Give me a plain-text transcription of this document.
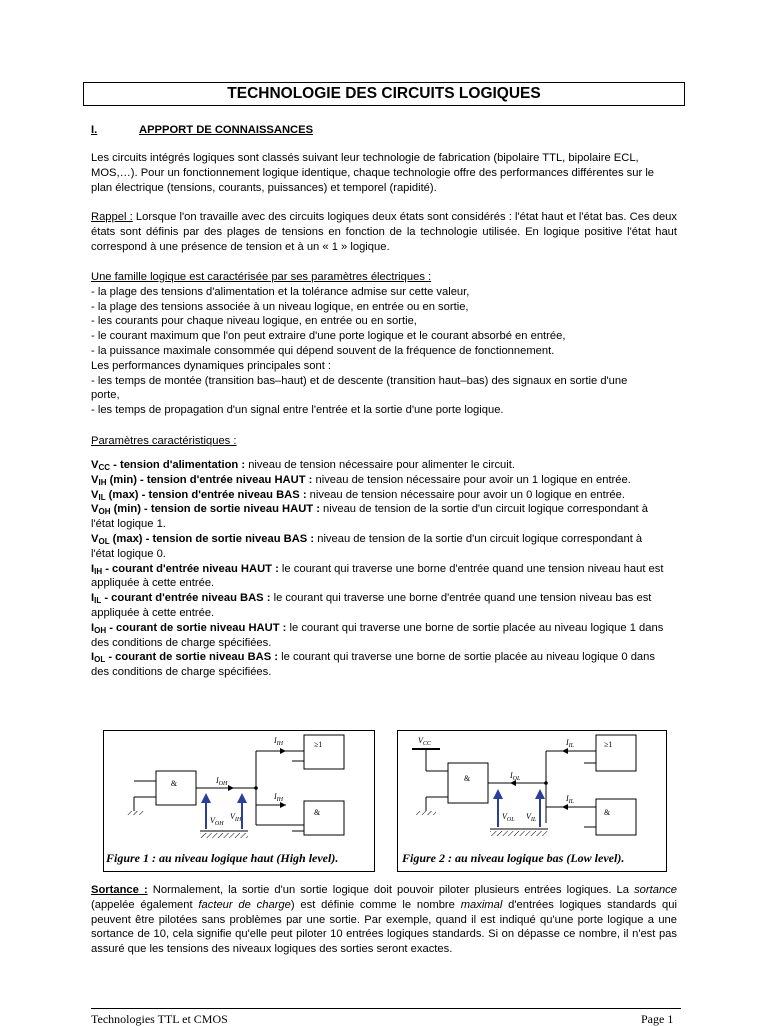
TECHNOLOGIE DES CIRCUITS LOGIQUES
I.	APPPORT DE CONNAISSANCES
Les circuits intégrés logiques sont classés suivant leur technologie de fabrication (bipolaire TTL, bipolaire ECL, MOS,…). Pour un fonctionnement logique identique, chaque technologie offre des performances différentes sur le plan électrique (tensions, courants, puissances) et temporel (rapidité).
Rappel : Lorsque l'on travaille avec des circuits logiques deux états sont considérés : l'état haut et l'état bas. Ces deux états sont définis par des plages de tensions en fonction de la technologie utilisée. En logique positive l'état haut correspond à une présence de tension et à un « 1 » logique.
Une famille logique est caractérisée par ses paramètres électriques :
- la plage des tensions d'alimentation et la tolérance admise sur cette valeur,
- la plage des tensions associée à un niveau logique, en entrée ou en sortie,
- les courants pour chaque niveau logique, en entrée ou en sortie,
- le courant maximum que l'on peut extraire d'une porte logique et le courant absorbé en entrée,
- la puissance maximale consommée qui dépend souvent de la fréquence de fonctionnement.
Les performances dynamiques principales sont :
- les temps de montée (transition bas–haut) et de descente (transition haut–bas) des signaux en sortie d'une porte,
- les temps de propagation d'un signal entre l'entrée et la sortie d'une porte logique.
Paramètres caractéristiques :
$V_{CC}$ - tension d'alimentation : niveau de tension nécessaire pour alimenter le circuit.
$V_{IH}$ (min) - tension d'entrée niveau HAUT : niveau de tension nécessaire pour avoir un 1 logique en entrée.
$V_{IL}$ (max) - tension d'entrée niveau BAS : niveau de tension nécessaire pour avoir un 0 logique en entrée.
$V_{OH}$ (min) - tension de sortie niveau HAUT : niveau de tension de la sortie d'un circuit logique correspondant à l'état logique 1.
$V_{OL}$ (max) - tension de sortie niveau BAS : niveau de tension de la sortie d'un circuit logique correspondant à l'état logique 0.
$I_{IH}$ - courant d'entrée niveau HAUT : le courant qui traverse une borne d'entrée quand une tension niveau haut est appliquée à cette entrée.
$I_{IL}$ - courant d'entrée niveau BAS : le courant qui traverse une borne d'entrée quand une tension niveau bas est appliquée à cette entrée.
$I_{OH}$ - courant de sortie niveau HAUT : le courant qui traverse une borne de sortie placée au niveau logique 1 dans des conditions de charge spécifiées.
$I_{OL}$ - courant de sortie niveau BAS : le courant qui traverse une borne de sortie placée au niveau logique 0 dans des conditions de charge spécifiées.
&	$I_{OH}$
$I_{IH}$
$I_{IH}$
≥1
&
$V_{OH}$
$V_{IH}$
Figure 1 : au niveau logique haut (High level).
$V_{CC}$
&	$I_{OL}$
$I_{IL}$
$I_{IL}$
≥1
&
$V_{OL}$ $V_{IL}$
Figure 2 : au niveau logique bas (Low level).
Sortance : Normalement, la sortie d'un sortie logique doit pouvoir piloter plusieurs entrées logiques. La sortance (appelée également facteur de charge) est définie comme le nombre maximal d'entrées logiques standards qui peuvent être pilotées sans problèmes par une sortie. Par exemple, quand il est indiqué qu'une porte logique a une sortance de 10, cela signifie qu'elle peut piloter 10 entrées logiques standards. Si on dépasse ce nombre, il n'est pas assuré que les tensions des niveaux logiques des sorties seront exactes.
Technologies TTL et CMOS	Page 1
